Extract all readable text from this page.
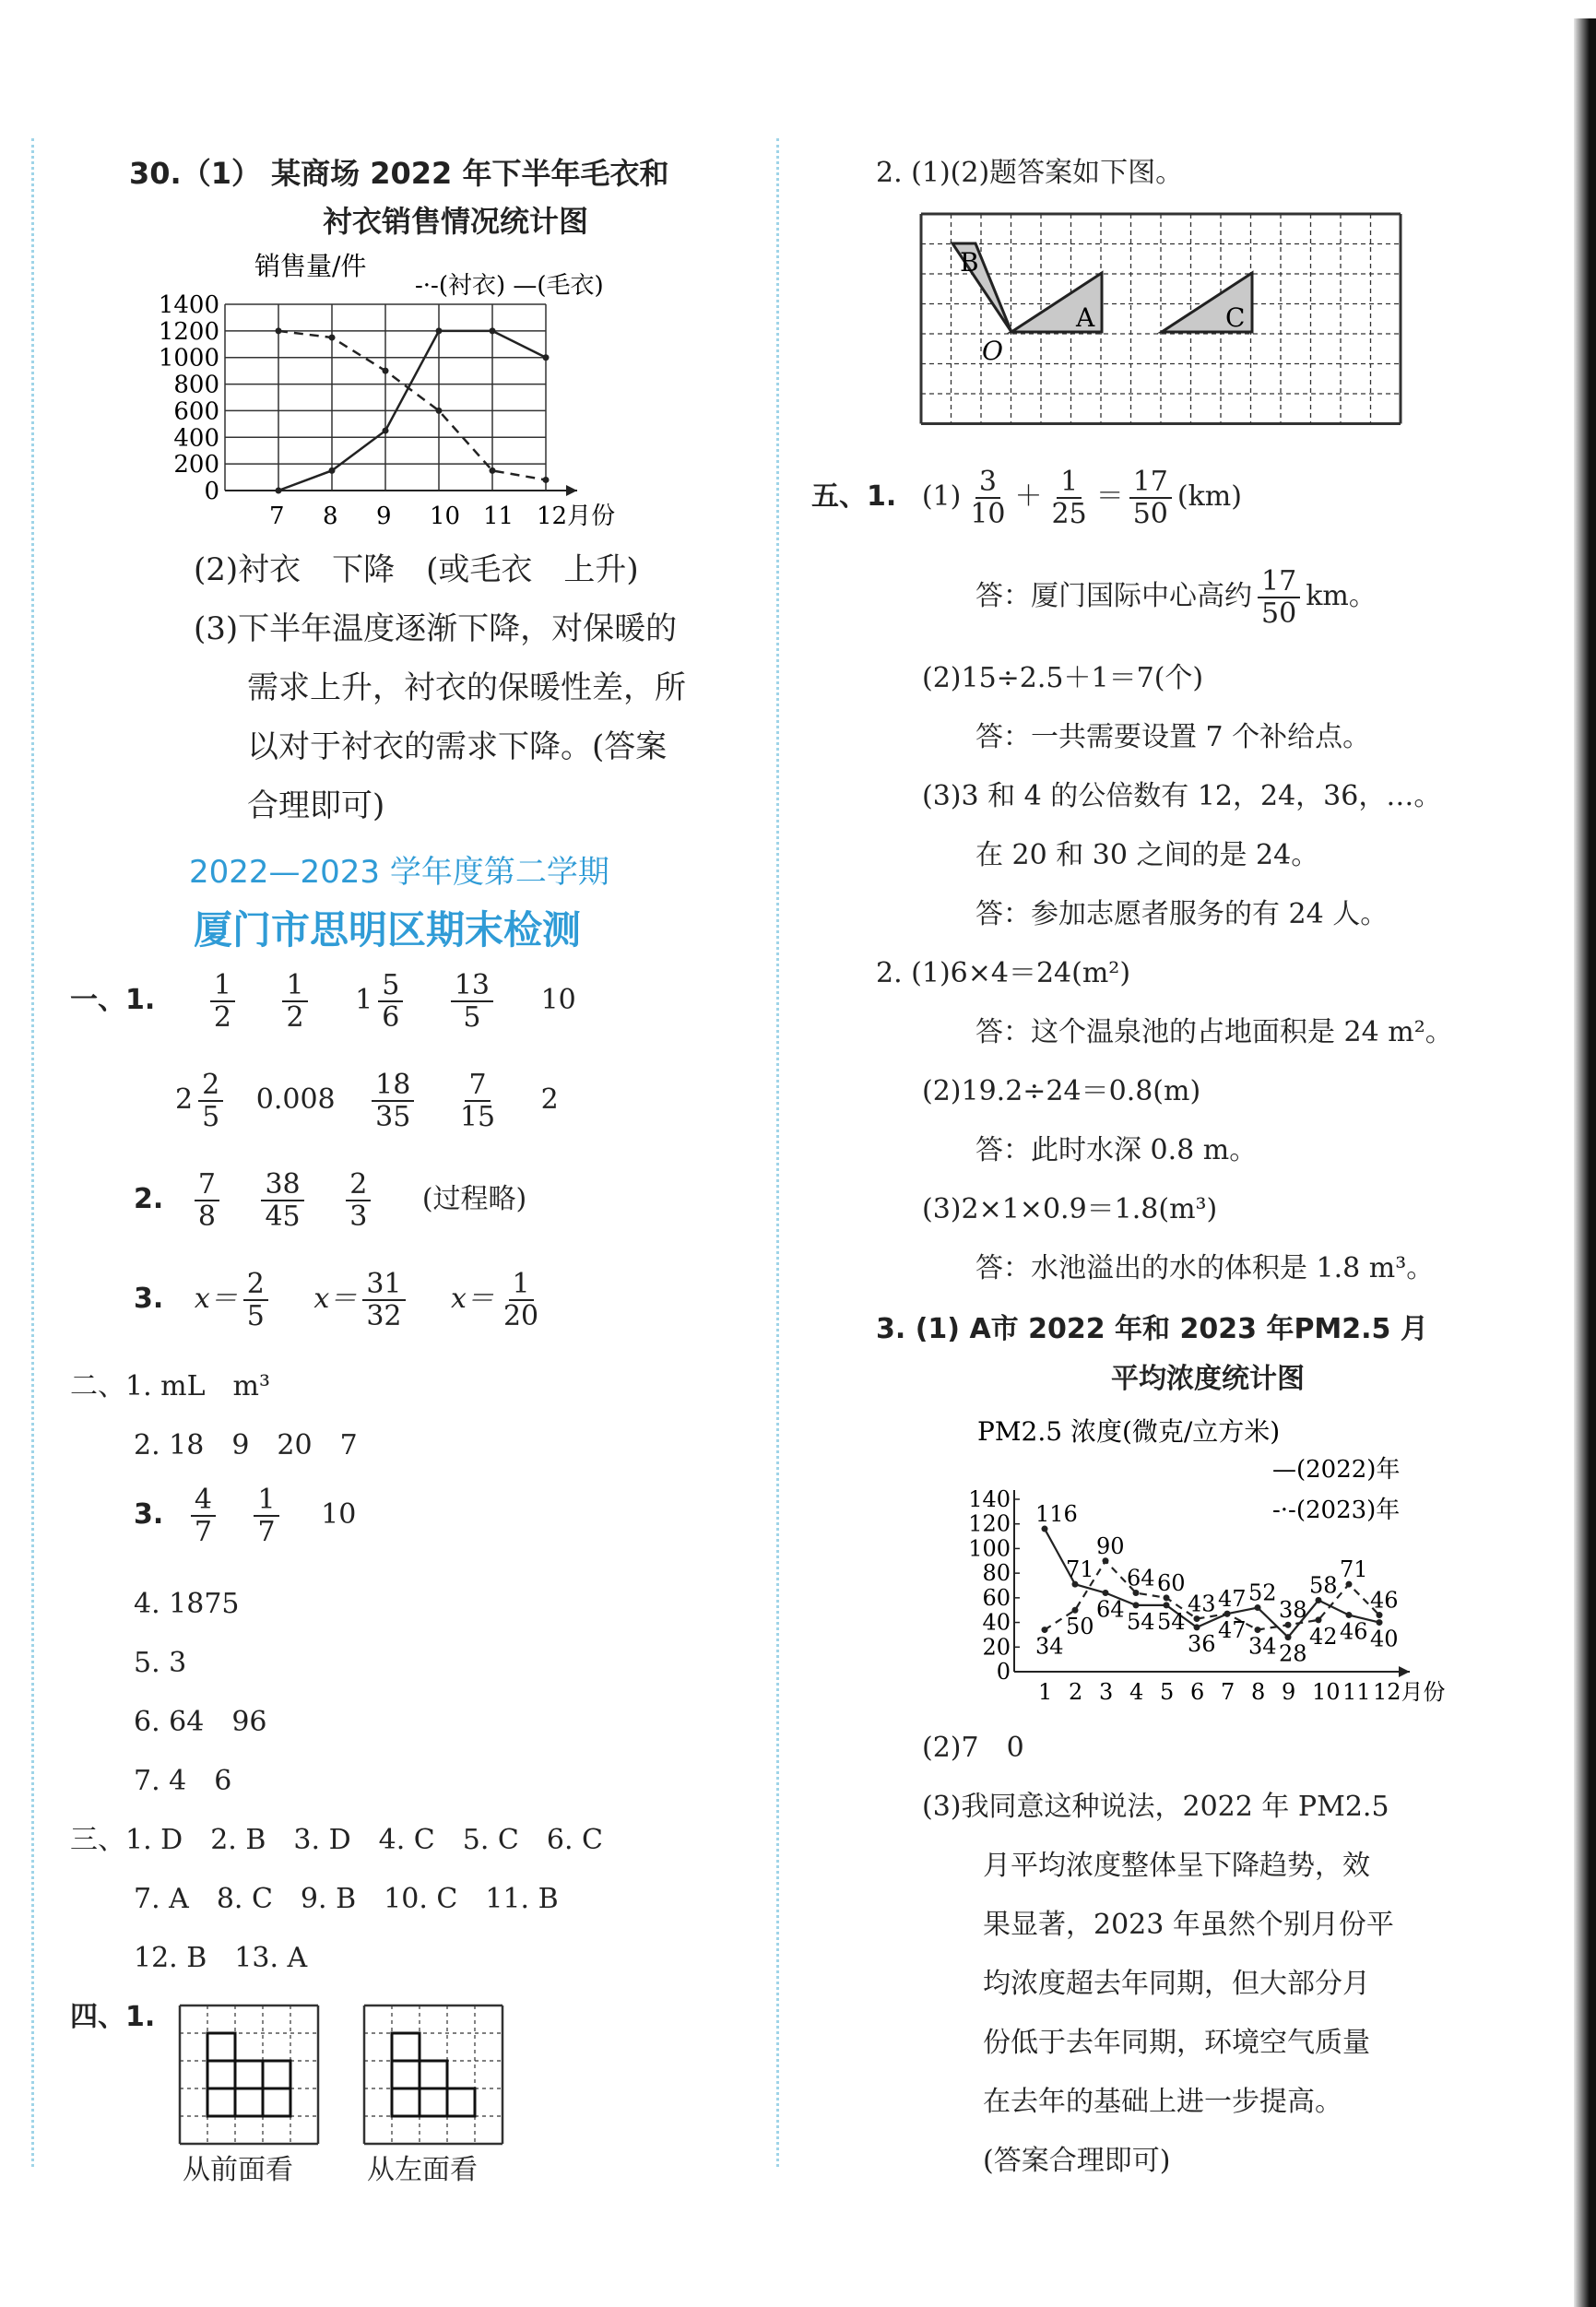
30.（1） 某商场 2022 年下半年毛衣和
衬衣销售情况统计图
销售量/件
-·-(衬衣) —(毛衣)
0
200
400
600
800
1000
1200
1400
7 8 9 10 11 12月份
(2)衬衣　下降　(或毛衣　上升)
(3)下半年温度逐渐下降，对保暖的
需求上升，衬衣的保暖性差，所
以对于衬衣的需求下降。(答案
合理即可)
2022—2023 学年度第二学期
厦门市思明区期末检测
一、1. $\frac{1}{2}$
$\frac{1}{2} 1 \frac{5}{6}$
$\frac{13}{5} 10$
$2 \frac{2}{5} 0.008 \frac{18}{35}$
$\frac{7}{15} 2$
2. $\frac{7}{8}$
$\frac{38}{45}$
$\frac{2}{3}$ (过程略)
3. $x= \frac{2}{5} x= \frac{31}{32} x= \frac{1}{20}$
二、1. mL　m³
2. 18　9　20　7
3. $\frac{4}{7}$
$\frac{1}{7} 10$
4. 1875
5. 3
6. 64　96
7. 4　6
三、1. D　2. B　3. D　4. C　5. C　6. C
7. A　8. C　9. B　10. C　11. B
12. B　13. A
四、1.
从前面看	从左面看
2. (1)(2)题答案如下图。
B
A
O
C
五、1. $(1) \frac{3}{10} + \frac{1}{25} = \frac{17}{50} (km)$
答：厦门国际中心高约 $\frac{17}{50}$ km。
(2)15÷2.5＋1＝7(个)
答：一共需要设置 7 个补给点。
(3)3 和 4 的公倍数有 12，24，36，…。
在 20 和 30 之间的是 24。
答：参加志愿者服务的有 24 人。
2. (1)6×4＝24(m²)
答：这个温泉池的占地面积是 24 m²。
(2)19.2÷24＝0.8(m)
答：此时水深 0.8 m。
(3)2×1×0.9＝1.8(m³)
答：水池溢出的水的体积是 1.8 m³。
3. (1) A市 2022 年和 2023 年PM2.5 月
平均浓度统计图
PM2.5 浓度(微克/立方米)
—(2022)年
-·-(2023)年
0
20
40
60
80
100
120
140
1 2 3 4 5 6 7 8 9 10 11 12月份
116
71
64 54 54
36
47 52
28
58
46 40
34
50
90
64 60
43
47
34
38
42
71
46
(2)7　0
(3)我同意这种说法，2022 年 PM2.5
月平均浓度整体呈下降趋势，效
果显著，2023 年虽然个别月份平
均浓度超去年同期，但大部分月
份低于去年同期，环境空气质量
在去年的基础上进一步提高。
(答案合理即可)
